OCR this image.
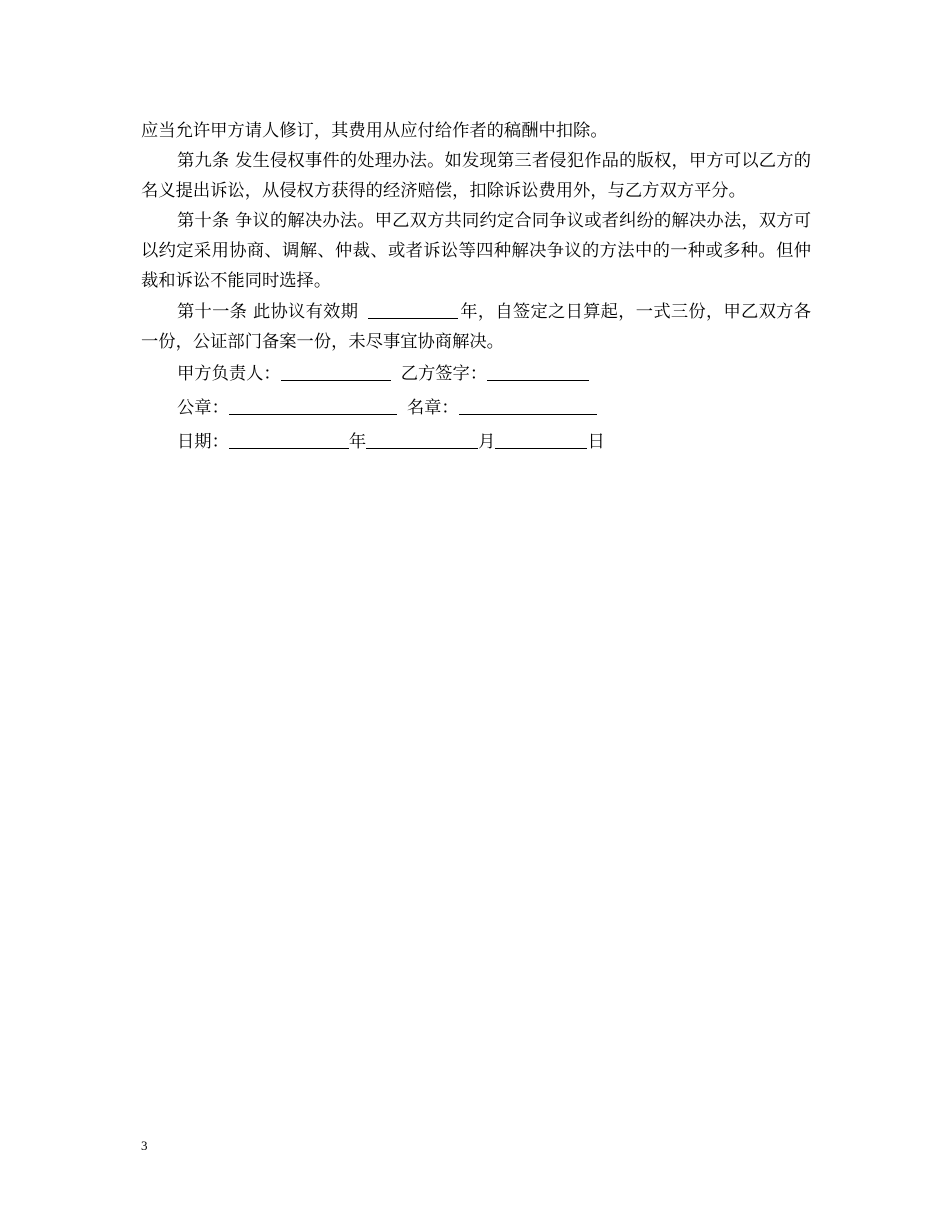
应当允许甲方请人修订，其费用从应付给作者的稿酬中扣除。

第九条 发生侵权事件的处理办法。如发现第三者侵犯作品的版权，甲方可以乙方的名义提出诉讼，从侵权方获得的经济赔偿，扣除诉讼费用外，与乙方双方平分。

第十条 争议的解决办法。甲乙双方共同约定合同争议或者纠纷的解决办法，双方可以约定采用协商、调解、仲裁、或者诉讼等四种解决争议的方法中的一种或多种。但仲裁和诉讼不能同时选择。

第十一条 此协议有效期	年，自签定之日算起，一式三份，甲乙双方各一份，公证部门备案一份，未尽事宜协商解决。

甲方负责人：	乙方签字：
公章：	名章：
日期：	年	月	日
3
